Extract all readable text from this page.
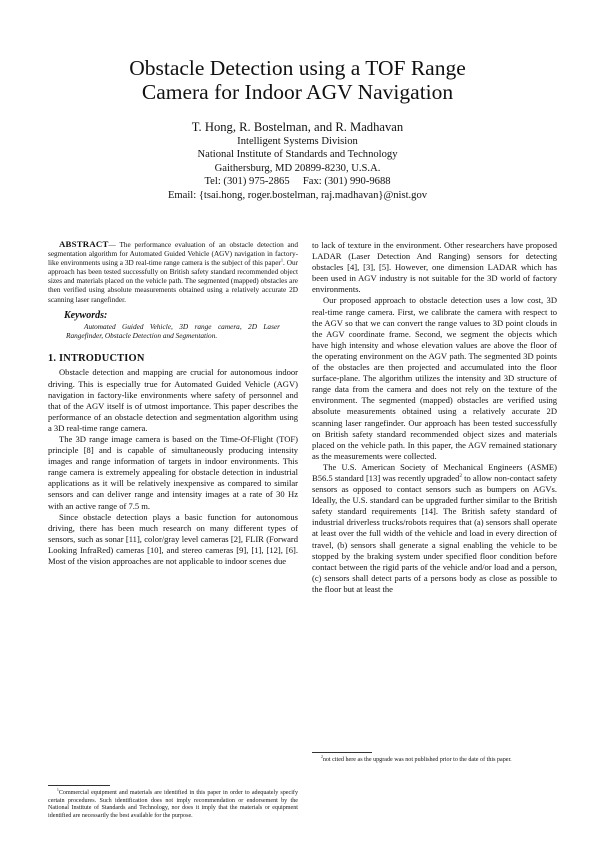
Obstacle Detection using a TOF Range
Camera for Indoor AGV Navigation
T. Hong, R. Bostelman, and R. Madhavan
Intelligent Systems Division
National Institute of Standards and Technology
Gaithersburg, MD 20899-8230, U.S.A.
Tel: (301) 975-2865     Fax: (301) 990-9688
Email: {tsai.hong, roger.bostelman, raj.madhavan}@nist.gov
ABSTRACT— The performance evaluation of an obstacle detection and segmentation algorithm for Automated Guided Vehicle (AGV) navigation in factory-like environments using a 3D real-time range camera is the subject of this paper$^1$. Our approach has been tested successfully on British safety standard recommended object sizes and materials placed on the vehicle path. The segmented (mapped) obstacles are then verified using absolute measurements obtained using a relatively accurate 2D scanning laser rangefinder.
Keywords:
Automated Guided Vehicle, 3D range camera, 2D Laser Rangefinder, Obstacle Detection and Segmentation.
1. INTRODUCTION

Obstacle detection and mapping are crucial for autonomous indoor driving. This is especially true for Automated Guided Vehicle (AGV) navigation in factory-like environments where safety of personnel and that of the AGV itself is of utmost importance. This paper describes the performance of an obstacle detection and segmentation algorithm using a 3D real-time range camera.

The 3D range image camera is based on the Time-Of-Flight (TOF) principle [8] and is capable of simultaneously producing intensity images and range information of targets in indoor environments. This range camera is extremely appealing for obstacle detection in industrial applications as it will be relatively inexpensive as compared to similar sensors and can deliver range and intensity images at a rate of 30 Hz with an active range of 7.5 m.

Since obstacle detection plays a basic function for autonomous driving, there has been much research on many different types of sensors, such as sonar [11], color/gray level cameras [2], FLIR (Forward Looking InfraRed) cameras [10], and stereo cameras [9], [1], [12], [6]. Most of the vision approaches are not applicable to indoor scenes due

to lack of texture in the environment. Other researchers have proposed LADAR (Laser Detection And Ranging) sensors for detecting obstacles [4], [3], [5]. However, one dimension LADAR which has been used in AGV industry is not suitable for the 3D world of factory environments.

Our proposed approach to obstacle detection uses a low cost, 3D real-time range camera. First, we calibrate the camera with respect to the AGV so that we can convert the range values to 3D point clouds in the AGV coordinate frame. Second, we segment the objects which have high intensity and whose elevation values are above the floor of the operating environment on the AGV path. The segmented 3D points of the obstacles are then projected and accumulated into the floor surface-plane. The algorithm utilizes the intensity and 3D structure of range data from the camera and does not rely on the texture of the environment. The segmented (mapped) obstacles are verified using absolute measurements obtained using a relatively accurate 2D scanning laser rangefinder. Our approach has been tested successfully on British safety standard recommended object sizes and materials placed on the vehicle path. In this paper, the AGV remained stationary as the measurements were collected.

The U.S. American Society of Mechanical Engineers (ASME) B56.5 standard [13] was recently upgraded$^2$ to allow non-contact safety sensors as opposed to contact sensors such as bumpers on AGVs. Ideally, the U.S. standard can be upgraded further similar to the British safety standard requirements [14]. The British safety standard of industrial driverless trucks/robots requires that (a) sensors shall operate at least over the full width of the vehicle and load in every direction of travel, (b) sensors shall generate a signal enabling the vehicle to be stopped by the braking system under specified floor condition before contact between the rigid parts of the vehicle and/or load and a person, (c) sensors shall detect parts of a persons body as close as possible to the floor but at least the

$^1$Commercial equipment and materials are identified in this paper in order to adequately specify certain procedures. Such identification does not imply recommendation or endorsement by the National Institute of Standards and Technology, nor does it imply that the materials or equipment identified are necessarily the best available for the purpose.
$^2$not cited here as the upgrade was not published prior to the date of this paper.
